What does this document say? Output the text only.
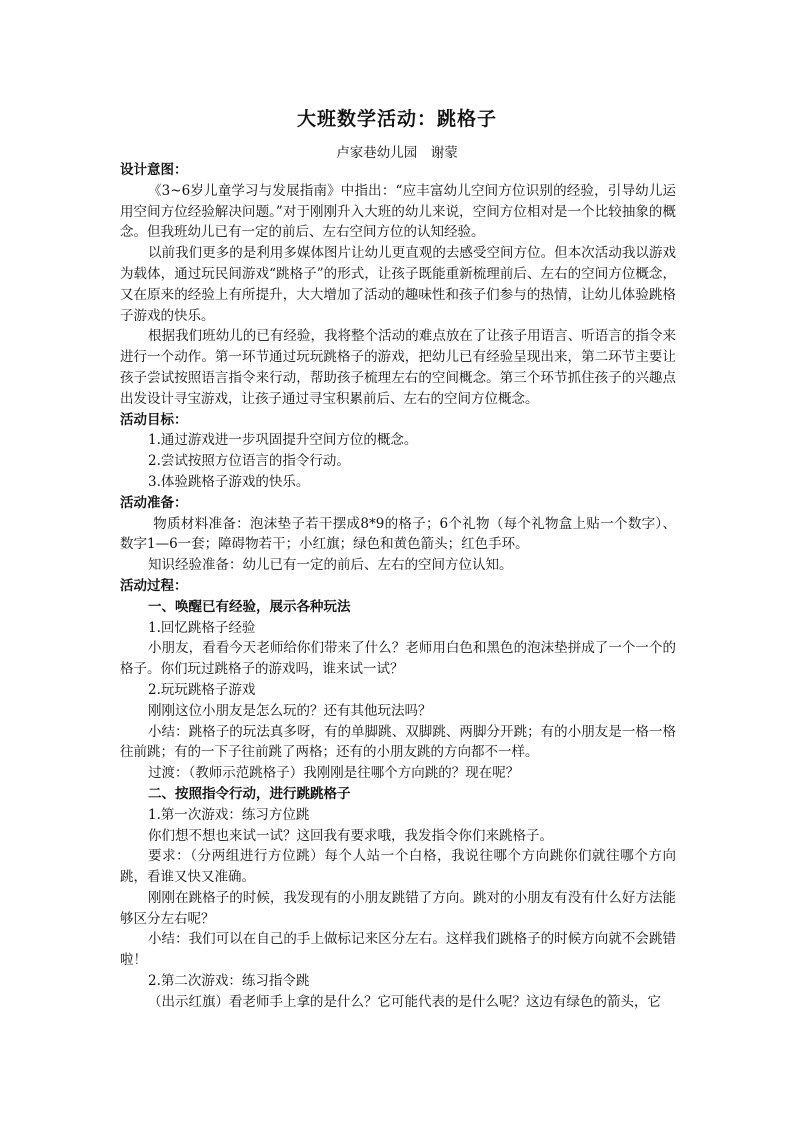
大班数学活动：跳格子
卢家巷幼儿园　谢蒙

设计意图：

《3~6岁儿童学习与发展指南》中指出：“应丰富幼儿空间方位识别的经验，引导幼儿运用空间方位经验解决问题。”对于刚刚升入大班的幼儿来说，空间方位相对是一个比较抽象的概念。但我班幼儿已有一定的前后、左右空间方位的认知经验。

以前我们更多的是利用多媒体图片让幼儿更直观的去感受空间方位。但本次活动我以游戏为载体，通过玩民间游戏“跳格子”的形式，让孩子既能重新梳理前后、左右的空间方位概念，又在原来的经验上有所提升，大大增加了活动的趣味性和孩子们参与的热情，让幼儿体验跳格子游戏的快乐。

根据我们班幼儿的已有经验，我将整个活动的难点放在了让孩子用语言、听语言的指令来进行一个动作。第一环节通过玩玩跳格子的游戏，把幼儿已有经验呈现出来，第二环节主要让孩子尝试按照语言指令来行动，帮助孩子梳理左右的空间概念。第三个环节抓住孩子的兴趣点出发设计寻宝游戏，让孩子通过寻宝积累前后、左右的空间方位概念。

活动目标：

1.通过游戏进一步巩固提升空间方位的概念。

2.尝试按照方位语言的指令行动。

3.体验跳格子游戏的快乐。

活动准备：

物质材料准备：泡沫垫子若干摆成8*9的格子；6个礼物（每个礼物盒上贴一个数字）、数字1—6一套；障碍物若干；小红旗；绿色和黄色箭头；红色手环。

知识经验准备：幼儿已有一定的前后、左右的空间方位认知。

活动过程：

一、唤醒已有经验，展示各种玩法

1.回忆跳格子经验

小朋友，看看今天老师给你们带来了什么？老师用白色和黑色的泡沫垫拼成了一个一个的格子。你们玩过跳格子的游戏吗，谁来试一试？

2.玩玩跳格子游戏

刚刚这位小朋友是怎么玩的？还有其他玩法吗？

小结：跳格子的玩法真多呀，有的单脚跳、双脚跳、两脚分开跳；有的小朋友是一格一格往前跳；有的一下子往前跳了两格；还有的小朋友跳的方向都不一样。

过渡：（教师示范跳格子）我刚刚是往哪个方向跳的？现在呢？

二、按照指令行动，进行跳跳格子

1.第一次游戏：练习方位跳

你们想不想也来试一试？这回我有要求哦，我发指令你们来跳格子。

要求：（分两组进行方位跳）每个人站一个白格，我说往哪个方向跳你们就往哪个方向跳，看谁又快又准确。

刚刚在跳格子的时候，我发现有的小朋友跳错了方向。跳对的小朋友有没有什么好方法能够区分左右呢？

小结：我们可以在自己的手上做标记来区分左右。这样我们跳格子的时候方向就不会跳错啦！

2.第二次游戏：练习指令跳

（出示红旗）看老师手上拿的是什么？它可能代表的是什么呢？这边有绿色的箭头，它
